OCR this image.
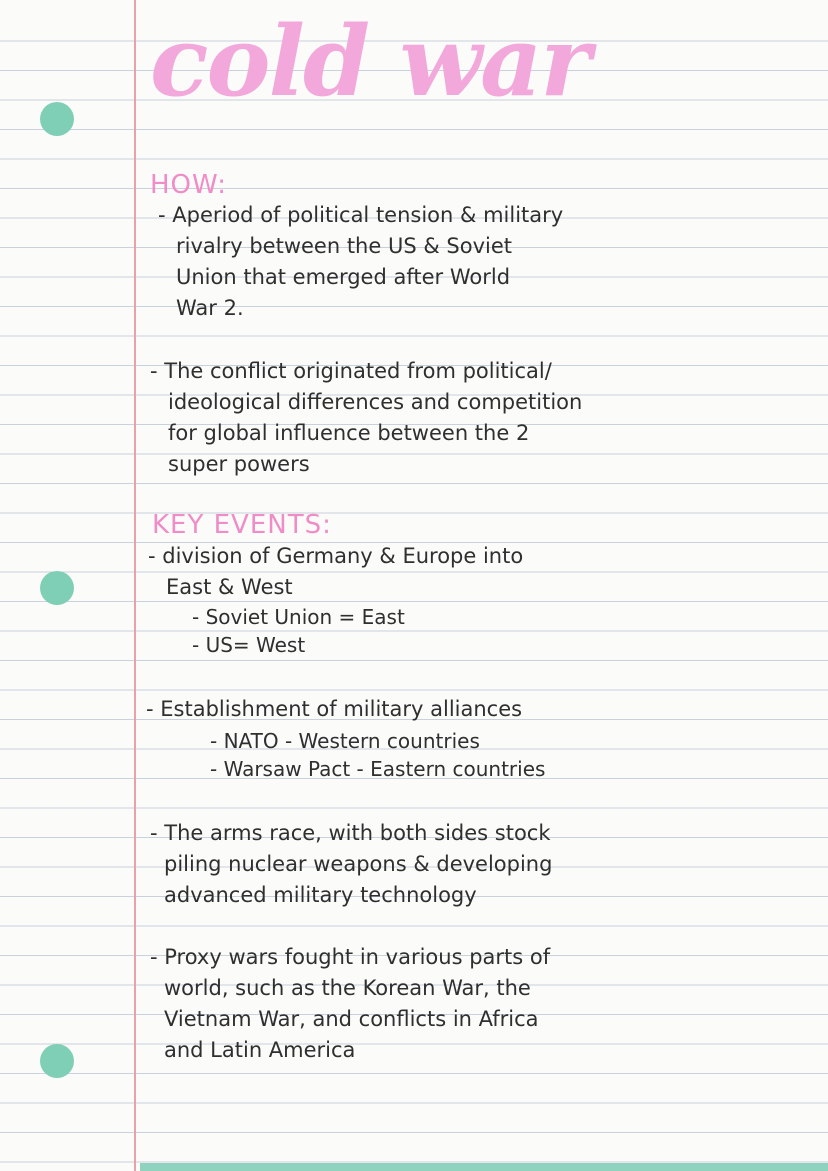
cold war
HOW:
- Aperiod of political tension & military
rivalry between the US & Soviet
Union that emerged after World
War 2.
- The conflict originated from political/
ideological differences and competition
for global influence between the 2
super powers
KEY EVENTS:
- division of Germany & Europe into
East & West
- Soviet Union = East
- US= West
- Establishment of military alliances
- NATO - Western countries
- Warsaw Pact - Eastern countries
- The arms race, with both sides stock
piling nuclear weapons & developing
advanced military technology
- Proxy wars fought in various parts of
world, such as the Korean War, the
Vietnam War, and conflicts in Africa
and Latin America
